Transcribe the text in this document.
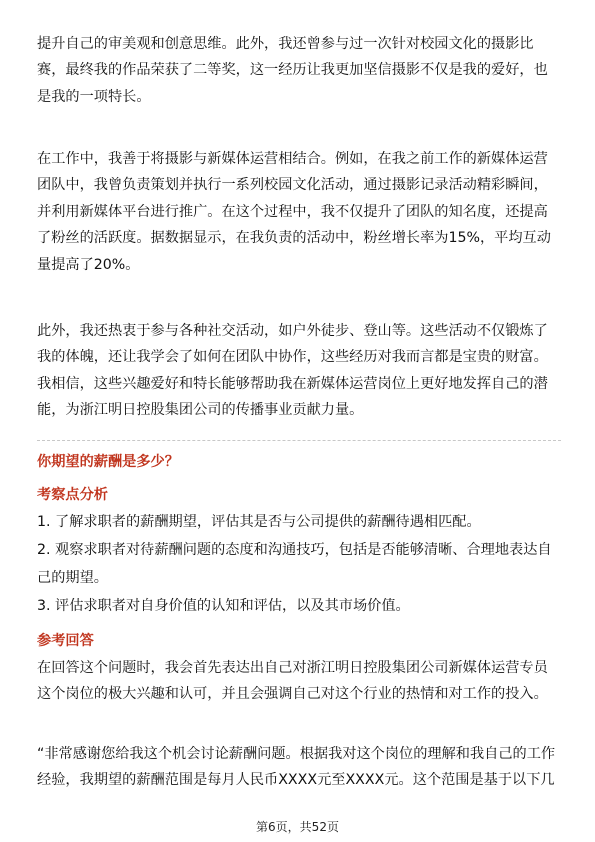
提升自己的审美观和创意思维。此外，我还曾参与过一次针对校园文化的摄影比
赛，最终我的作品荣获了二等奖，这一经历让我更加坚信摄影不仅是我的爱好，也
是我的一项特长。
在工作中，我善于将摄影与新媒体运营相结合。例如，在我之前工作的新媒体运营
团队中，我曾负责策划并执行一系列校园文化活动，通过摄影记录活动精彩瞬间，
并利用新媒体平台进行推广。在这个过程中，我不仅提升了团队的知名度，还提高
了粉丝的活跃度。据数据显示，在我负责的活动中，粉丝增长率为15%，平均互动
量提高了20%。
此外，我还热衷于参与各种社交活动，如户外徒步、登山等。这些活动不仅锻炼了
我的体魄，还让我学会了如何在团队中协作，这些经历对我而言都是宝贵的财富。
我相信，这些兴趣爱好和特长能够帮助我在新媒体运营岗位上更好地发挥自己的潜
能，为浙江明日控股集团公司的传播事业贡献力量。

你期望的薪酬是多少？

考察点分析

1. 了解求职者的薪酬期望，评估其是否与公司提供的薪酬待遇相匹配。

2. 观察求职者对待薪酬问题的态度和沟通技巧，包括是否能够清晰、合理地表达自

己的期望。

3. 评估求职者对自身价值的认知和评估，以及其市场价值。

参考回答

在回答这个问题时，我会首先表达出自己对浙江明日控股集团公司新媒体运营专员
这个岗位的极大兴趣和认可，并且会强调自己对这个行业的热情和对工作的投入。
“非常感谢您给我这个机会讨论薪酬问题。根据我对这个岗位的理解和我自己的工作
经验，我期望的薪酬范围是每月人民币XXXX元至XXXX元。这个范围是基于以下几
第6页，共52页
